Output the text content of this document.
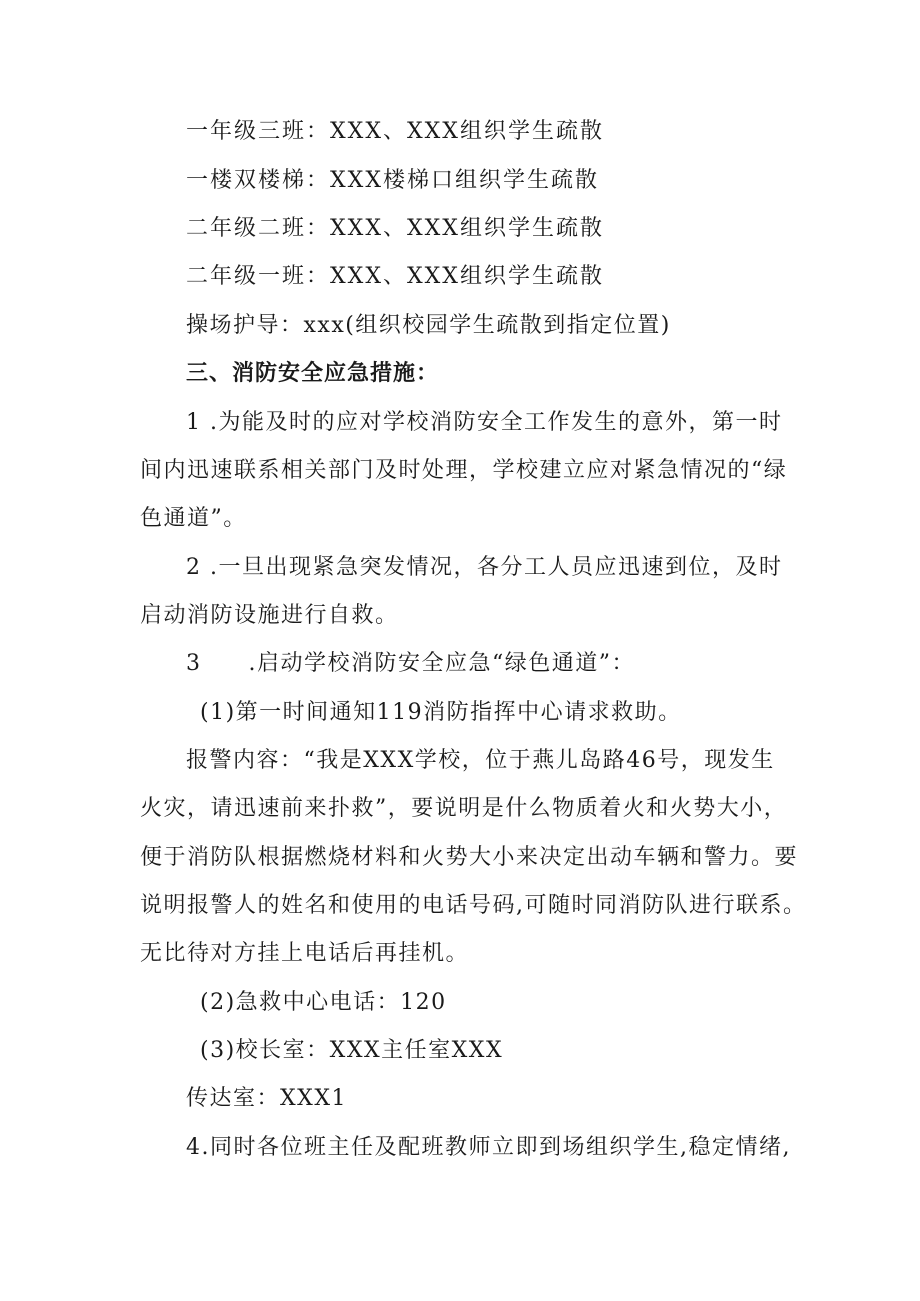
一年级三班：XXX、XXX组织学生疏散
一楼双楼梯：XXX楼梯口组织学生疏散
二年级二班：XXX、XXX组织学生疏散
二年级一班：XXX、XXX组织学生疏散
操场护导：xxx(组织校园学生疏散到指定位置)
三、消防安全应急措施：
1 .为能及时的应对学校消防安全工作发生的意外，第一时
间内迅速联系相关部门及时处理，学校建立应对紧急情况的“绿
色通道”。
2 .一旦出现紧急突发情况，各分工人员应迅速到位，及时
启动消防设施进行自救。
3　　.启动学校消防安全应急“绿色通道”：
(1)第一时间通知119消防指挥中心请求救助。
报警内容：“我是XXX学校，位于燕儿岛路46号，现发生
火灾，请迅速前来扑救”，要说明是什么物质着火和火势大小，
便于消防队根据燃烧材料和火势大小来决定出动车辆和警力。要
说明报警人的姓名和使用的电话号码,可随时同消防队进行联系。
无比待对方挂上电话后再挂机。
(2)急救中心电话：120
(3)校长室：XXX主任室XXX
传达室：XXX1
4.同时各位班主任及配班教师立即到场组织学生,稳定情绪,
